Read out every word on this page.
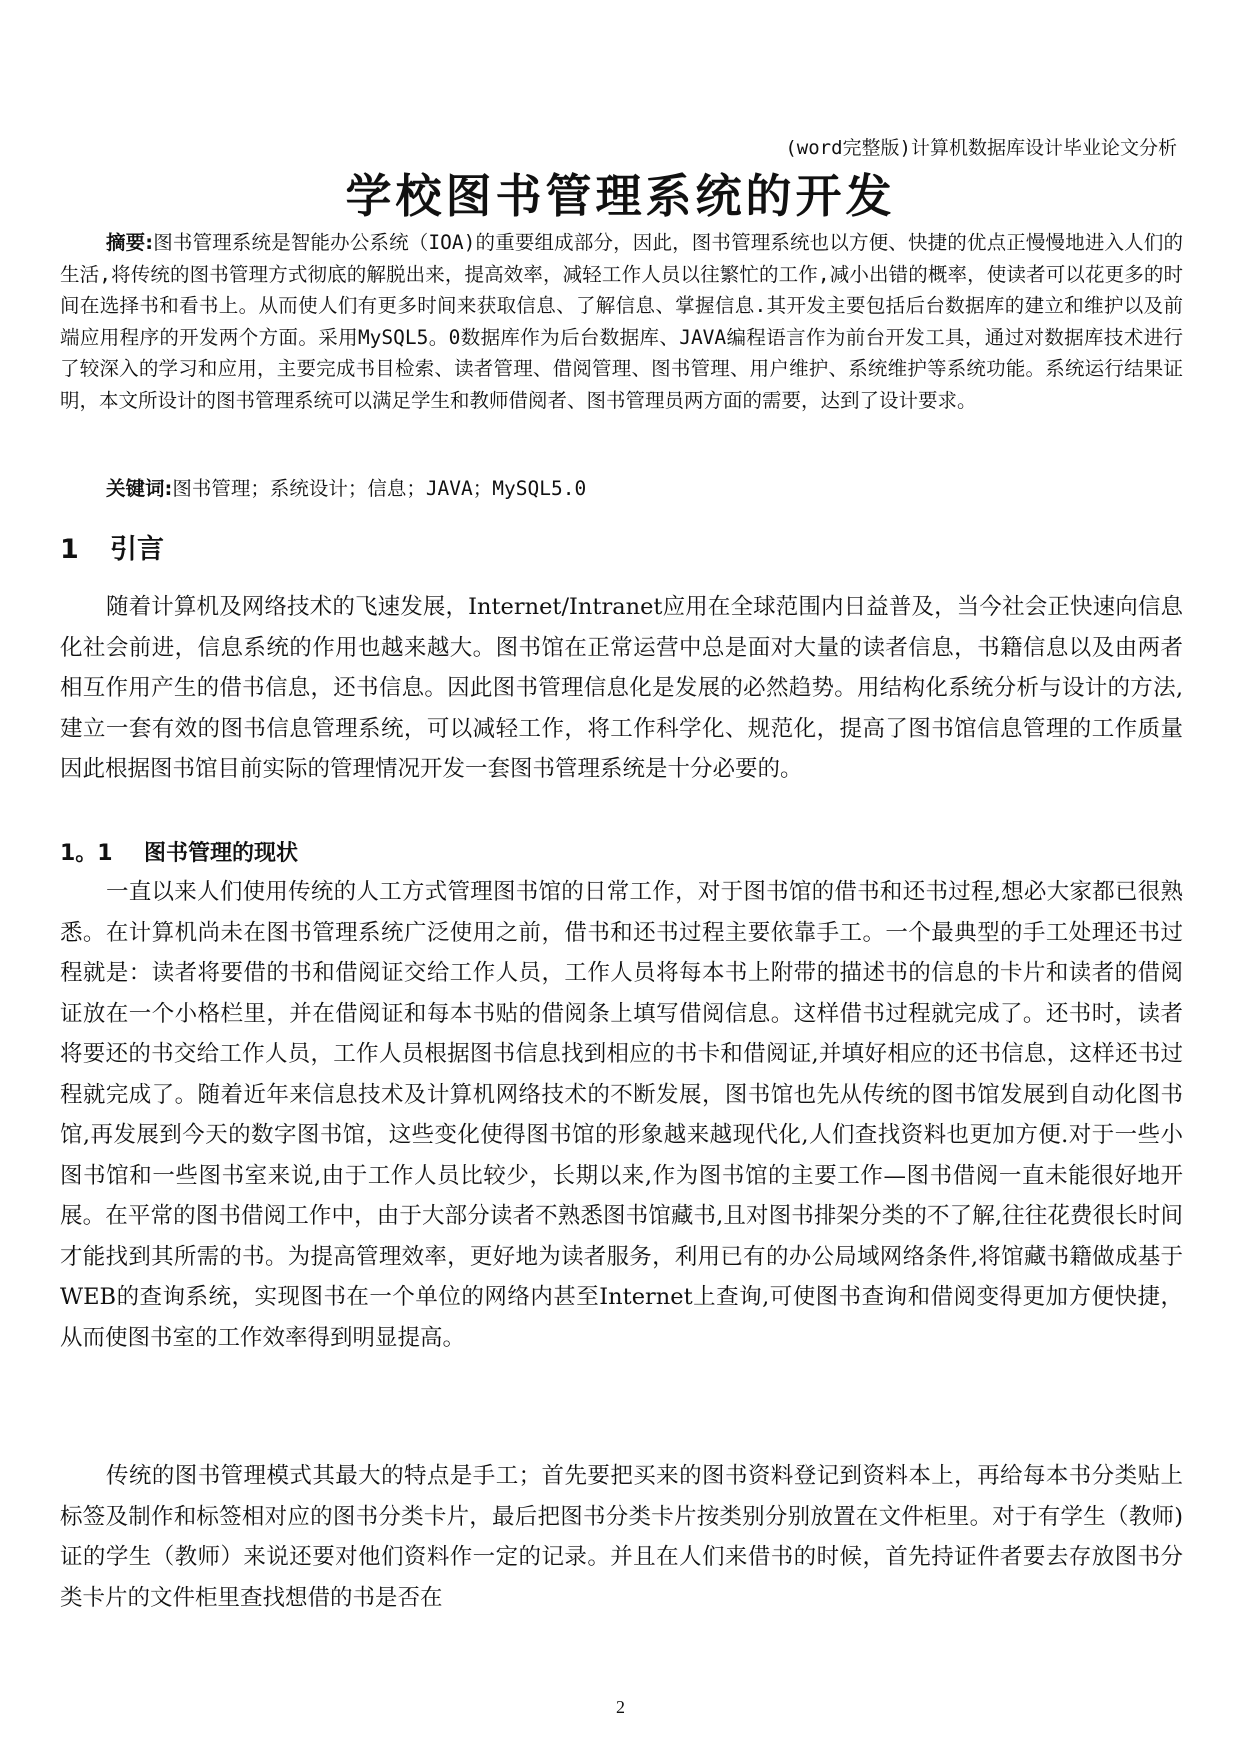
(word完整版)计算机数据库设计毕业论文分析
学校图书管理系统的开发
摘要:图书管理系统是智能办公系统（IOA)的重要组成部分，因此，图书管理系统也以方便、快捷的优点正慢慢地进入人们的生活,将传统的图书管理方式彻底的解脱出来，提高效率，减轻工作人员以往繁忙的工作,减小出错的概率，使读者可以花更多的时间在选择书和看书上。从而使人们有更多时间来获取信息、了解信息、掌握信息.其开发主要包括后台数据库的建立和维护以及前端应用程序的开发两个方面。采用MySQL5。0数据库作为后台数据库、JAVA编程语言作为前台开发工具，通过对数据库技术进行了较深入的学习和应用，主要完成书目检索、读者管理、借阅管理、图书管理、用户维护、系统维护等系统功能。系统运行结果证明，本文所设计的图书管理系统可以满足学生和教师借阅者、图书管理员两方面的需要，达到了设计要求。
关键词:图书管理；系统设计；信息；JAVA；MySQL5.0
1 引言
随着计算机及网络技术的飞速发展，Internet/Intranet应用在全球范围内日益普及，当今社会正快速向信息化社会前进，信息系统的作用也越来越大。图书馆在正常运营中总是面对大量的读者信息，书籍信息以及由两者相互作用产生的借书信息，还书信息。因此图书管理信息化是发展的必然趋势。用结构化系统分析与设计的方法,建立一套有效的图书信息管理系统，可以减轻工作，将工作科学化、规范化，提高了图书馆信息管理的工作质量因此根据图书馆目前实际的管理情况开发一套图书管理系统是十分必要的。
1。1 图书管理的现状
一直以来人们使用传统的人工方式管理图书馆的日常工作，对于图书馆的借书和还书过程,想必大家都已很熟悉。在计算机尚未在图书管理系统广泛使用之前，借书和还书过程主要依靠手工。一个最典型的手工处理还书过程就是：读者将要借的书和借阅证交给工作人员，工作人员将每本书上附带的描述书的信息的卡片和读者的借阅证放在一个小格栏里，并在借阅证和每本书贴的借阅条上填写借阅信息。这样借书过程就完成了。还书时，读者将要还的书交给工作人员，工作人员根据图书信息找到相应的书卡和借阅证,并填好相应的还书信息，这样还书过程就完成了。随着近年来信息技术及计算机网络技术的不断发展，图书馆也先从传统的图书馆发展到自动化图书馆,再发展到今天的数字图书馆，这些变化使得图书馆的形象越来越现代化,人们查找资料也更加方便.对于一些小图书馆和一些图书室来说,由于工作人员比较少，长期以来,作为图书馆的主要工作—图书借阅一直未能很好地开展。在平常的图书借阅工作中，由于大部分读者不熟悉图书馆藏书,且对图书排架分类的不了解,往往花费很长时间才能找到其所需的书。为提高管理效率，更好地为读者服务，利用已有的办公局域网络条件,将馆藏书籍做成基于WEB的查询系统，实现图书在一个单位的网络内甚至Internet上查询,可使图书查询和借阅变得更加方便快捷，从而使图书室的工作效率得到明显提高。
传统的图书管理模式其最大的特点是手工；首先要把买来的图书资料登记到资料本上，再给每本书分类贴上标签及制作和标签相对应的图书分类卡片，最后把图书分类卡片按类别分别放置在文件柜里。对于有学生（教师)证的学生（教师）来说还要对他们资料作一定的记录。并且在人们来借书的时候，首先持证件者要去存放图书分类卡片的文件柜里查找想借的书是否在
2
